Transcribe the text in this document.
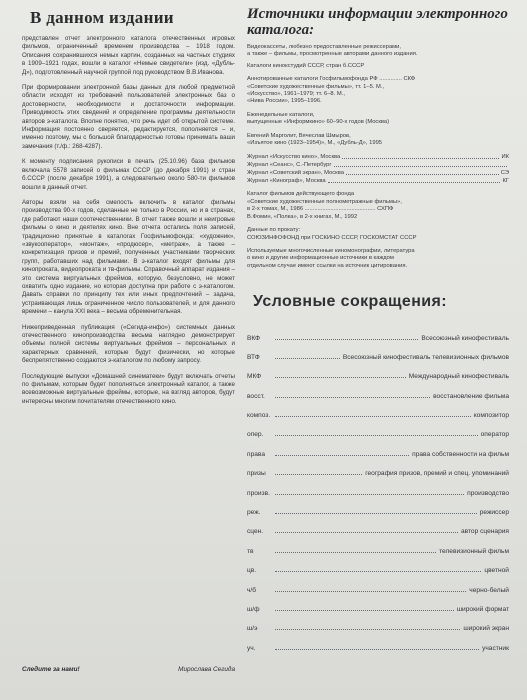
В данном издании

представлен отчет электронного каталога отечественных игровых фильмов, ограниченный временем производства – 1918 годом. Описания сохранившихся немых картин, созданных на частных студиях в 1909–1921 годах, вошли в каталог «Немые свидетели» (изд. «Дубль-Д»), подготовленный научной группой под руководством В.В.Иванова.

При формировании электронной базы данных для любой предметной области исходят из требований пользователей электронных баз о достоверности, необходимости и достаточности информации. Приводимость этих сведений и определение программы деятельности авторов э-каталога. Вполне понятно, что речь идет об открытой системе. Информация постоянно сверяется, редактируется, пополняется – и, именно поэтому, мы с большой благодарностью готовы принимать ваши замечания (т./ф.: 268-4287).

К моменту подписания рукописи в печать (25.10.96) база фильмов включала 5578 записей о фильмах СССР (до декабря 1991) и стран б.СССР (после декабря 1991), а следовательно около 580-ти фильмов вошли в данный отчет.

Авторы взяли на себя смелость включить в каталог фильмы производства 90-х годов, сделанные не только в России, но и в странах, где работают наши соотечественники. В отчет также вошли и неигровые фильмы о кино и деятелях кино. Вне отчета остались поля записей, традиционно принятые в каталогах Госфильмофонда: «художник», «звукооператор», «монтаж», «продюсер», «метраж», а также – конкретизация призов и премий, полученных участниками творческих групп, работавших над фильмами. В э-каталог входят фильмы для кинопроката, видеопроката и тв-фильмы. Справочный аппарат издания – это система виртуальных фреймов, которую, безусловно, не может охватить одно издание, но которая доступна при работе с э-каталогом. Давать справки по принципу тех или иных предпочтений – задача, устраивающая лишь ограниченное число пользователей, и для данного времени – канула XXI века – весьма обременительная.

Нижеприведенная публикация («Сегида-инфо») системных данных отечественного кинопроизводства весьма наглядно демонстрирует объемы полной системы виртуальных фреймов – персональных и характерных сравнений, которые будут физически, но которые беспрепятственно создаются э-каталогом по любому запросу.

Последующие выпуски «Домашней синематеки» будут включать отчеты по фильмам, которым будет пополняться электронный каталог, а также всевозможные виртуальные фреймы, которые, на взгляд авторов, будут интересны многим почитателям отечественного кино.

Следите за нами!	Мирослава Сегида
Источники информации электронного каталога:
Видеокассеты, любезно предоставленные режиссерами,
а также – фильмы, просмотренные авторами данного издания.
Каталоги кинокстудий СССР, стран б.СССР
Аннотированные каталоги Госфильмофонда РФ .............. СКФ
«Советские художественные фильмы», тт. 1–5. М.,
«Искусство», 1961–1979; тт. 6–8. М.,
«Нива России», 1995–1996.
Еженедельные каталоги,
выпущенные «Информкино» 60–90-х годов (Москва)
Евгений Марголит, Вячеслав Шмыров,
«Изъятое кино (1923–1954)», М., «Дубль-Д», 1995
Журнал «Искусство кино», Москва	ИК
Журнал «Сеанс», С.-Петербург
Журнал «Советский экран», Москва	СЭ
Журнал «Кинограф», Москва	КГ
Каталог фильмов действующего фонда
«Советские художественные полнометражные фильмы»,
в 2-х томах, М., 1986 ............................................ СХПФ
В.Фомин, «Полка», в 2-х книгах, М., 1992
Данные по прокату:
СОЮЗИНФОФОНД при ГОСКИНО СССР, ГОСКОМСТАТ СССР
Используемые многочисленные киномонографии, литература
о кино и другие информационные источники в каждом
отдельном случае имеют ссылки на источник цитирования.
Условные сокращения:
ВКФ	Всесоюзный кинофестиваль
ВТФ	Всесоюзный кинофестиваль телевизионных фильмов
МКФ	Международный кинофестиваль
восст.	восстановление фильма
композ.	композитор
опер.	оператор
права	права собственности на фильм
призы	география призов, премий и спец. упоминаний
произв.	производство
реж.	режиссер
сцен.	автор сценария
тв	телевизионный фильм
цв.	цветной
ч/б	черно-белый
ш/ф	широкий формат
ш/э	широкий экран
уч.	участник
